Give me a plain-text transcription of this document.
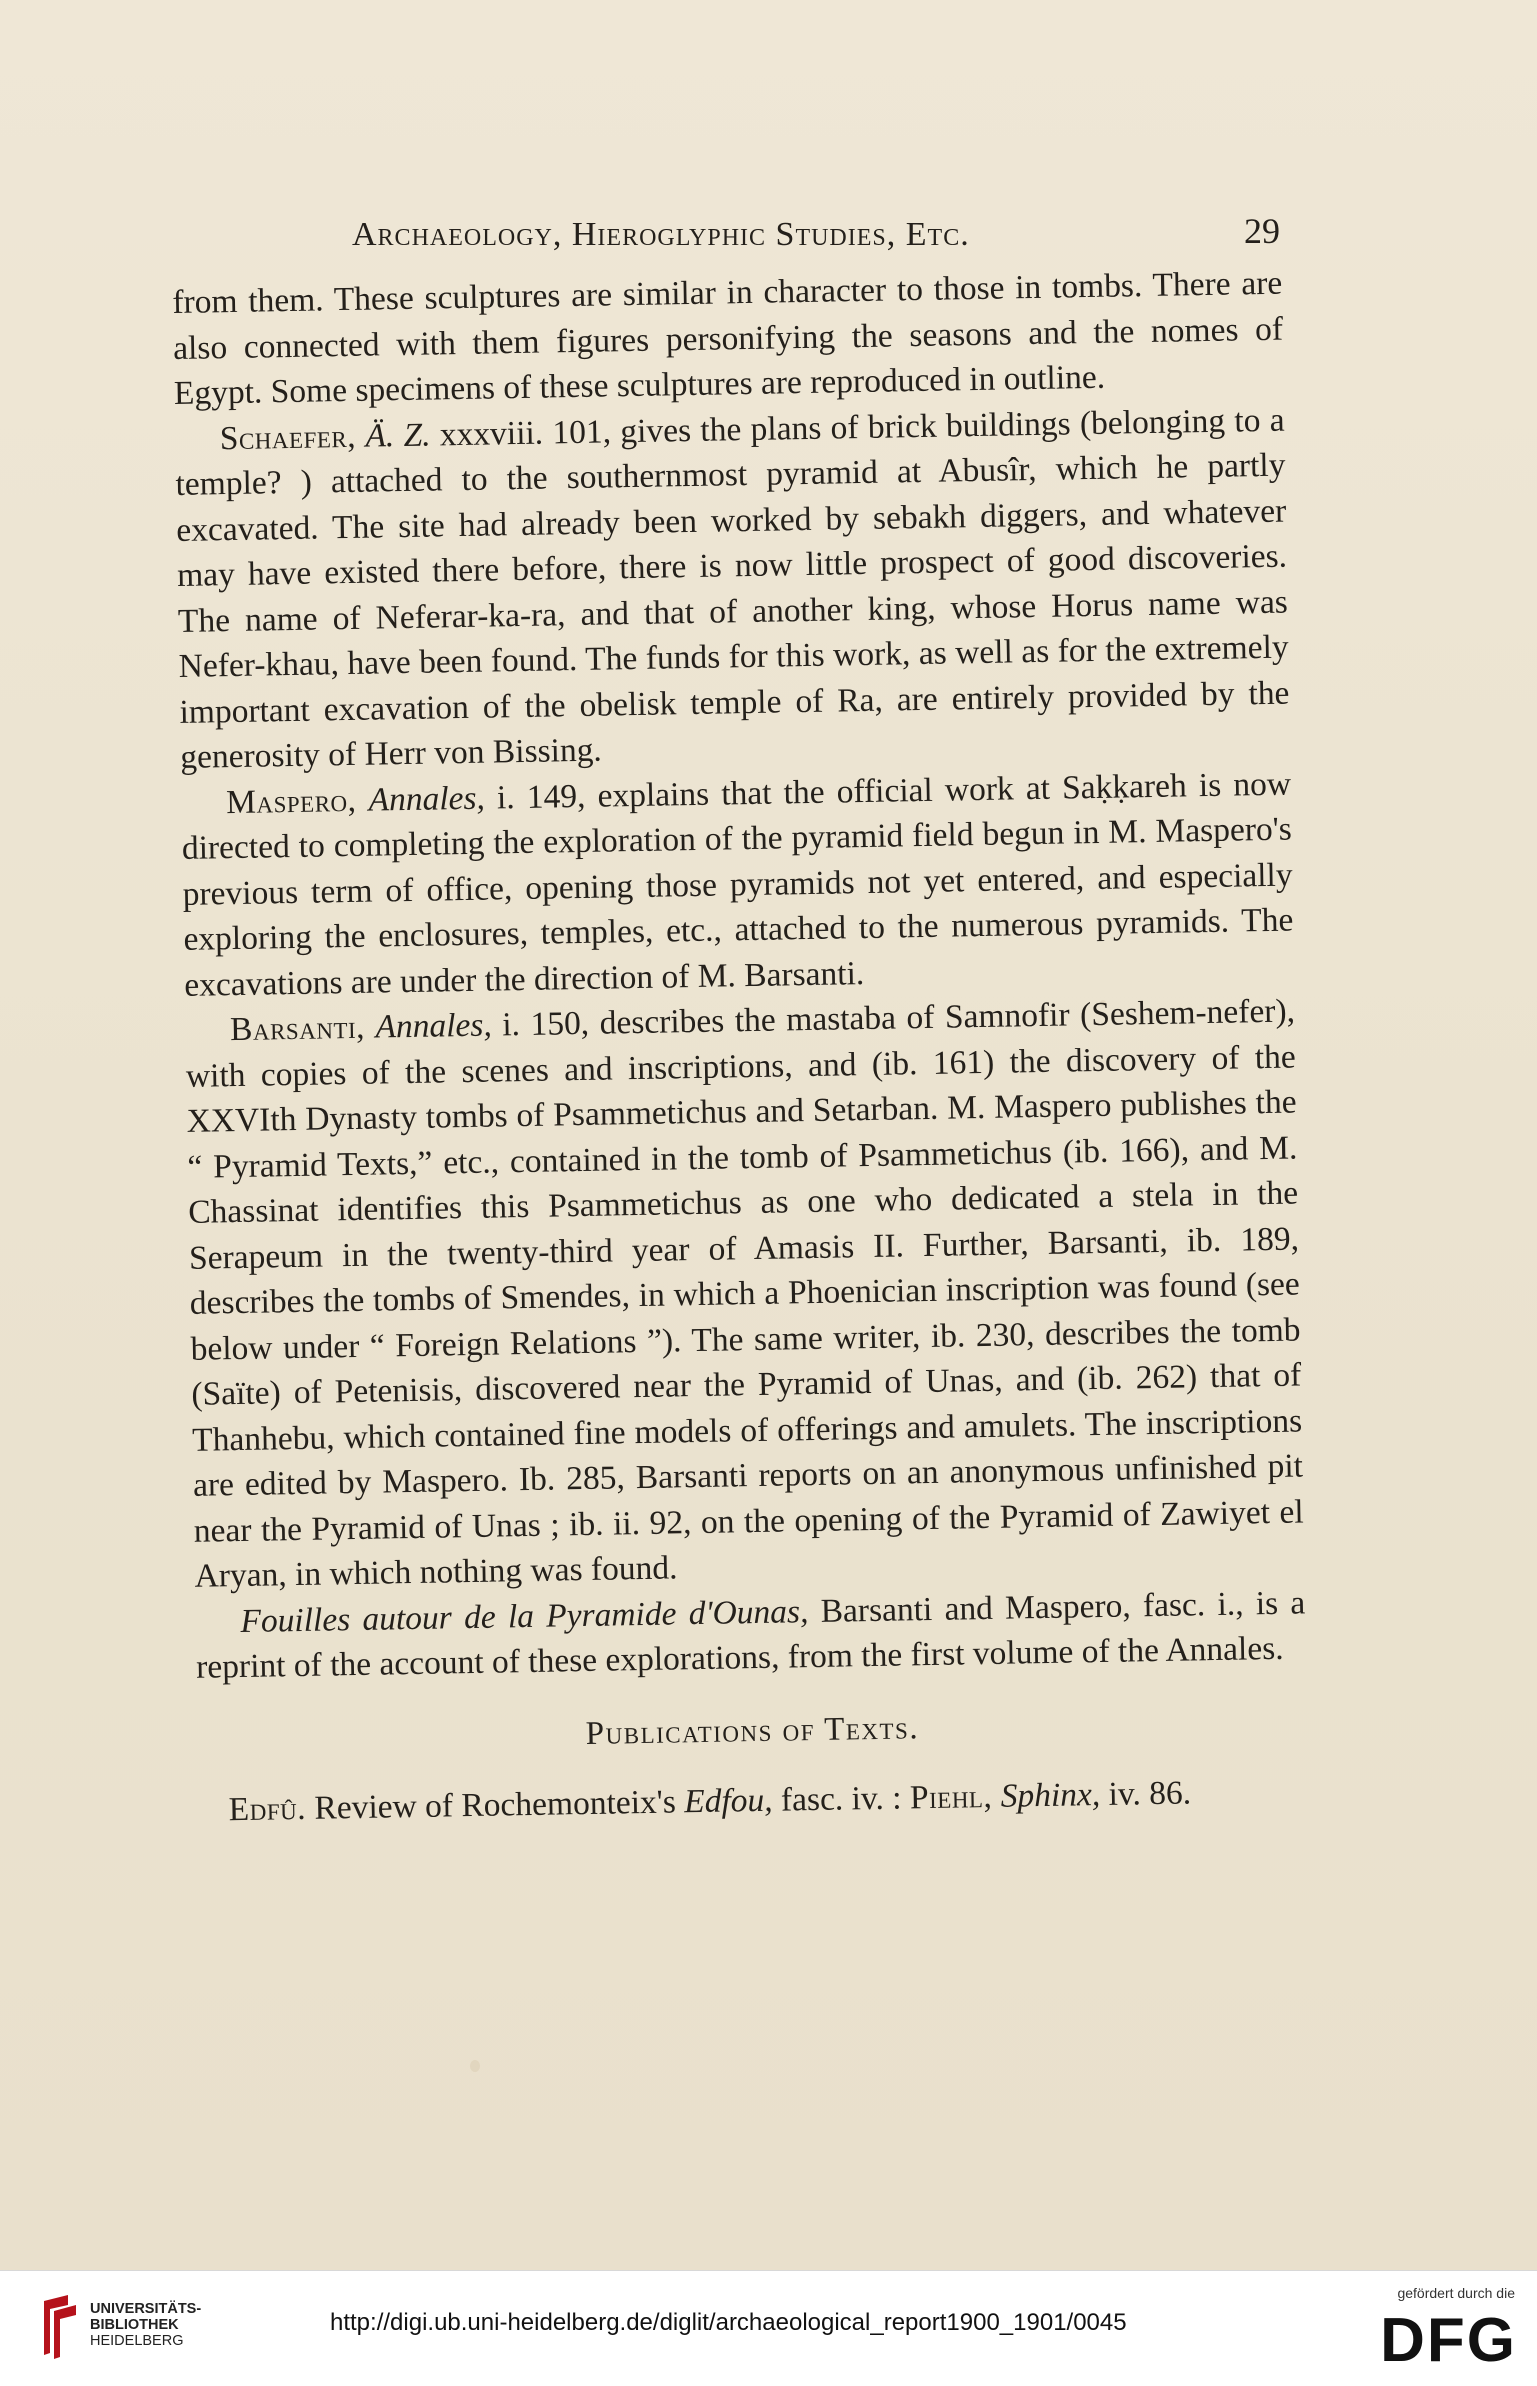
Archaeology, Hieroglyphic Studies, Etc.	29

from them. These sculptures are similar in character to those in tombs. There are also connected with them figures personifying the seasons and the nomes of Egypt. Some specimens of these sculptures are reproduced in outline.

Schaefer, Ä. Z. xxxviii. 101, gives the plans of brick buildings (belonging to a temple? ) attached to the southernmost pyramid at Abusîr, which he partly excavated. The site had already been worked by sebakh diggers, and whatever may have existed there before, there is now little prospect of good discoveries. The name of Neferar-ka-ra, and that of another king, whose Horus name was Nefer-khau, have been found. The funds for this work, as well as for the extremely important excavation of the obelisk temple of Ra, are entirely provided by the generosity of Herr von Bissing.

Maspero, Annales, i. 149, explains that the official work at Saḳḳareh is now directed to completing the exploration of the pyramid field begun in M. Maspero's previous term of office, opening those pyramids not yet entered, and especially exploring the enclosures, temples, etc., attached to the numerous pyramids. The excavations are under the direction of M. Barsanti.

Barsanti, Annales, i. 150, describes the mastaba of Samnofir (Seshem-nefer), with copies of the scenes and inscriptions, and (ib. 161) the discovery of the XXVIth Dynasty tombs of Psammetichus and Setarban. M. Maspero publishes the “ Pyramid Texts,” etc., contained in the tomb of Psammetichus (ib. 166), and M. Chassinat identifies this Psammetichus as one who dedicated a stela in the Serapeum in the twenty-third year of Amasis II. Further, Barsanti, ib. 189, describes the tombs of Smendes, in which a Phoenician inscription was found (see below under “ Foreign Relations ”). The same writer, ib. 230, describes the tomb (Saïte) of Petenisis, discovered near the Pyramid of Unas, and (ib. 262) that of Thanhebu, which contained fine models of offerings and amulets. The inscriptions are edited by Maspero. Ib. 285, Barsanti reports on an anonymous unfinished pit near the Pyramid of Unas ; ib. ii. 92, on the opening of the Pyramid of Zawiyet el Aryan, in which nothing was found.

Fouilles autour de la Pyramide d'Ounas, Barsanti and Maspero, fasc. i., is a reprint of the account of these explorations, from the first volume of the Annales.

Publications of Texts.

Edfû. Review of Rochemonteix's Edfou, fasc. iv. : Piehl, Sphinx, iv. 86.

UNIVERSITÄTS-
BIBLIOTHEK
HEIDELBERG
http://digi.ub.uni-heidelberg.de/diglit/archaeological_report1900_1901/0045
gefördert durch die
DFG
